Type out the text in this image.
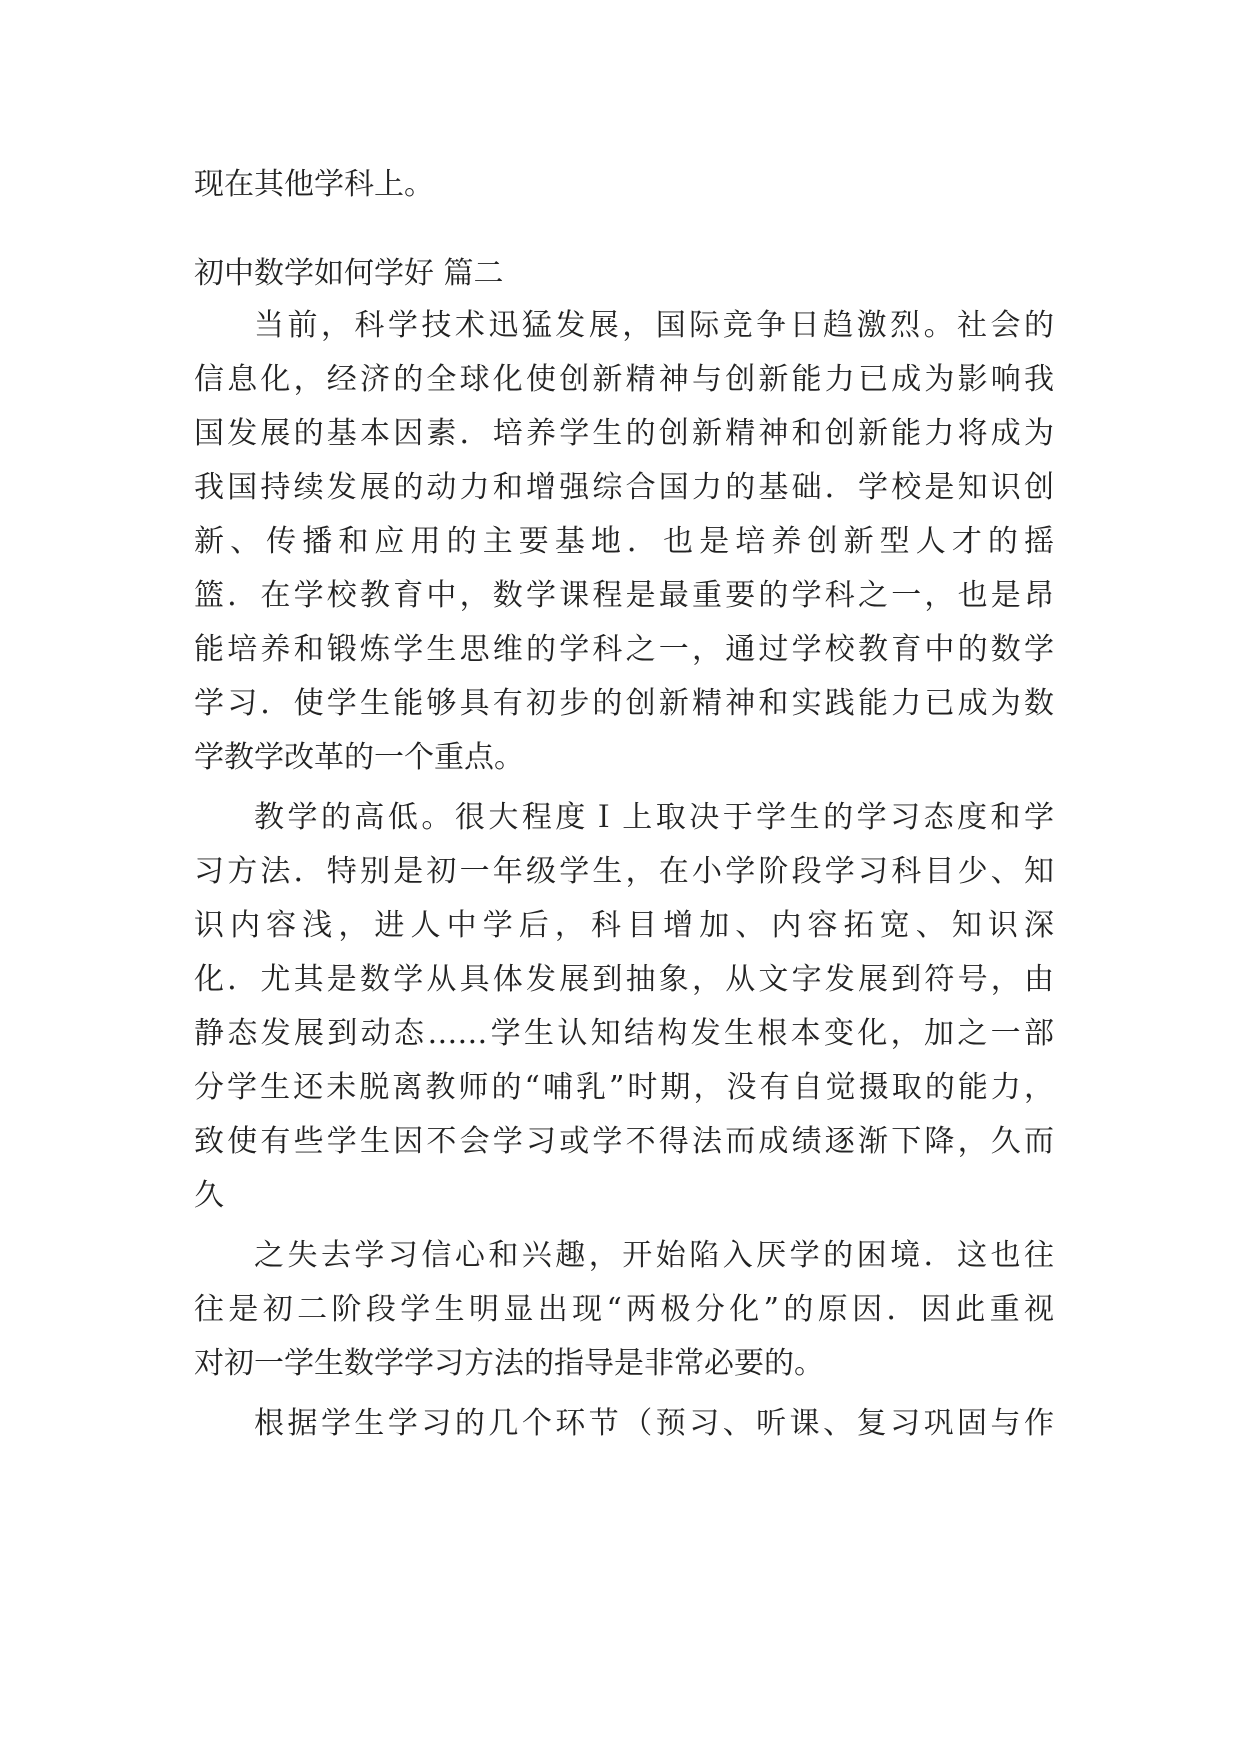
现在其他学科上。
初中数学如何学好 篇二
当前，科学技术迅猛发展，国际竞争日趋激烈。社会的
信息化，经济的全球化使创新精神与创新能力已成为影响我
国发展的基本因素．培养学生的创新精神和创新能力将成为
我国持续发展的动力和增强综合国力的基础．学校是知识创
新、传播和应用的主要基地．也是培养创新型人才的摇
篮．在学校教育中，数学课程是最重要的学科之一，也是昂
能培养和锻炼学生思维的学科之一，通过学校教育中的数学
学习．使学生能够具有初步的创新精神和实践能力已成为数
学教学改革的一个重点。
教学的高低。很大程度Ｉ上取决于学生的学习态度和学
习方法．特别是初一年级学生，在小学阶段学习科目少、知
识内容浅，进人中学后，科目增加、内容拓宽、知识深
化．尤其是数学从具体发展到抽象，从文字发展到符号，由
静态发展到动态……学生认知结构发生根本变化，加之一部
分学生还未脱离教师的“哺乳”时期，没有自觉摄取的能力，
致使有些学生因不会学习或学不得法而成绩逐渐下降，久而
久
之失去学习信心和兴趣，开始陷入厌学的困境．这也往
往是初二阶段学生明显出现“两极分化”的原因．因此重视
对初一学生数学学习方法的指导是非常必要的。
根据学生学习的几个环节（预习、听课、复习巩固与作
